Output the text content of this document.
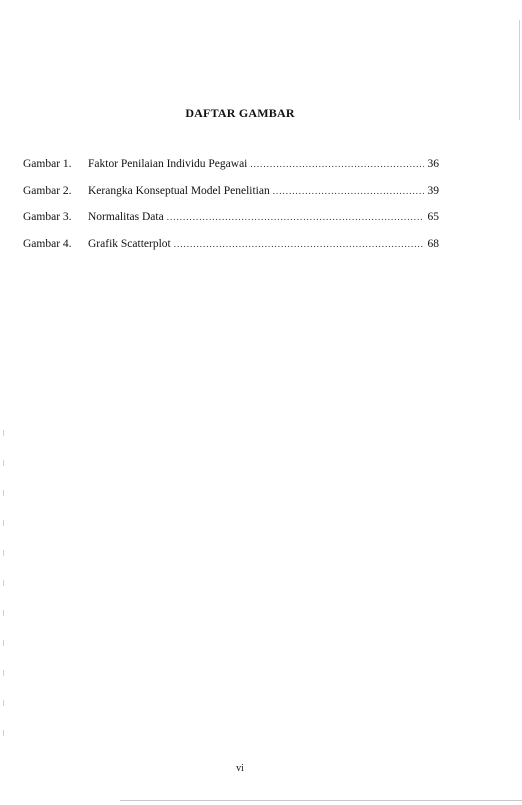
DAFTAR GAMBAR
Gambar 1.	Faktor Penilaian Individu Pegawai .....	36
Gambar 2.	Kerangka Konseptual Model Penelitian .....	39
Gambar 3.	Normalitas Data .....	65
Gambar 4.	Grafik Scatterplot .....	68
vi
